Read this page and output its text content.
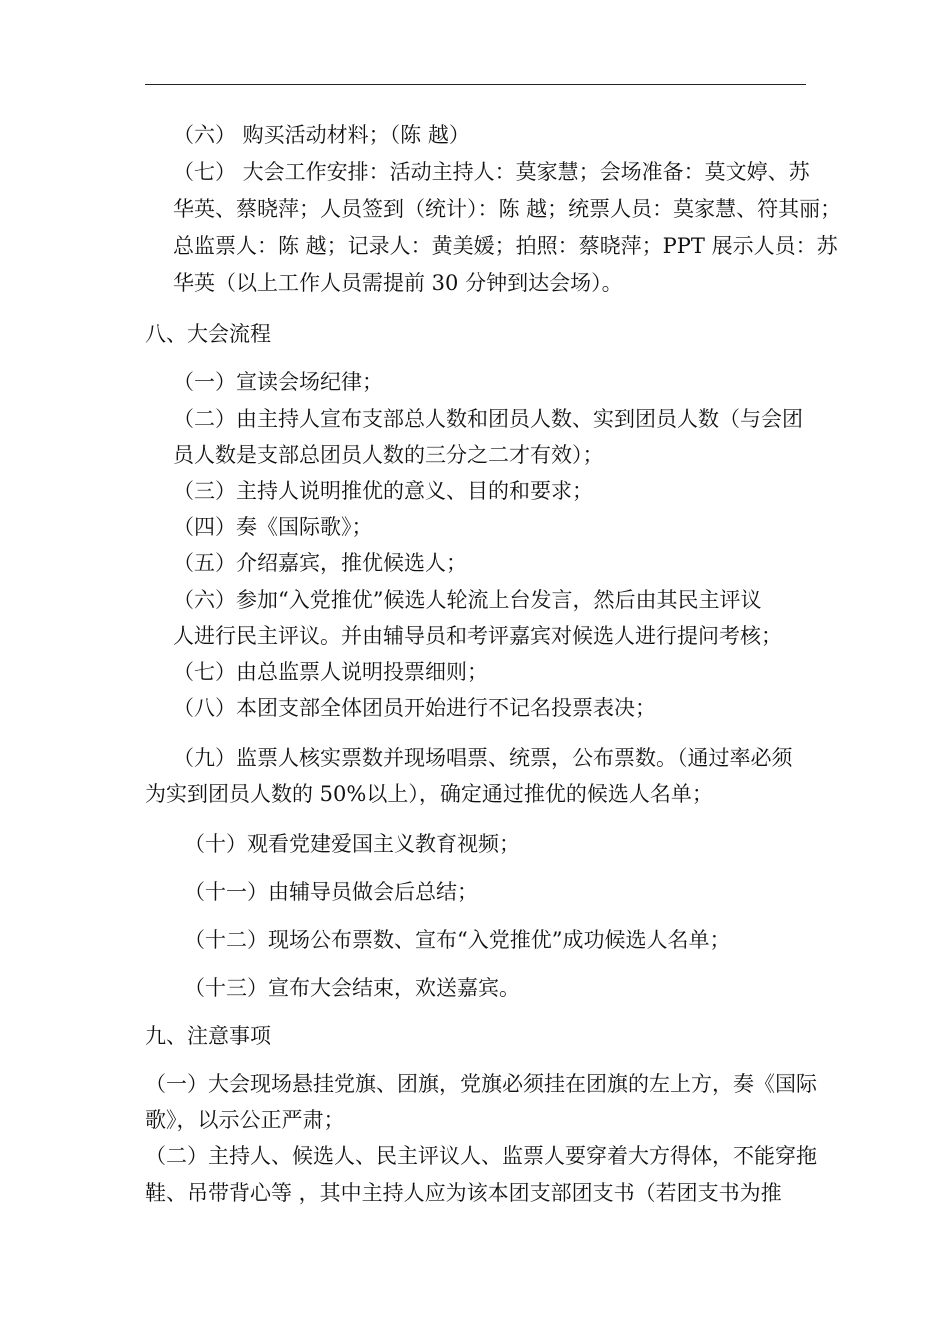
（六） 购买活动材料；（陈 越）
（七） 大会工作安排：活动主持人：莫家慧；会场准备：莫文婷、苏
华英、蔡晓萍；人员签到（统计）：陈 越；统票人员：莫家慧、符其丽；
总监票人：陈 越；记录人：黄美媛；拍照：蔡晓萍；PPT 展示人员：苏
华英（以上工作人员需提前 30 分钟到达会场）。
八、大会流程
（一）宣读会场纪律；
（二）由主持人宣布支部总人数和团员人数、实到团员人数（与会团
员人数是支部总团员人数的三分之二才有效）；
（三）主持人说明推优的意义、目的和要求；
（四）奏《国际歌》；
（五）介绍嘉宾，推优候选人；
（六）参加“入党推优”候选人轮流上台发言，然后由其民主评议
人进行民主评议。并由辅导员和考评嘉宾对候选人进行提问考核；
（七）由总监票人说明投票细则；
（八）本团支部全体团员开始进行不记名投票表决；
（九）监票人核实票数并现场唱票、统票，公布票数。（通过率必须
为实到团员人数的 50%以上），确定通过推优的候选人名单；
（十）观看党建爱国主义教育视频；
（十一）由辅导员做会后总结；
（十二）现场公布票数、宣布“入党推优”成功候选人名单；
（十三）宣布大会结束，欢送嘉宾。
九、注意事项
（一）大会现场悬挂党旗、团旗，党旗必须挂在团旗的左上方，奏《国际
歌》，以示公正严肃；
（二）主持人、候选人、民主评议人、监票人要穿着大方得体，不能穿拖
鞋、吊带背心等 ，其中主持人应为该本团支部团支书（若团支书为推
